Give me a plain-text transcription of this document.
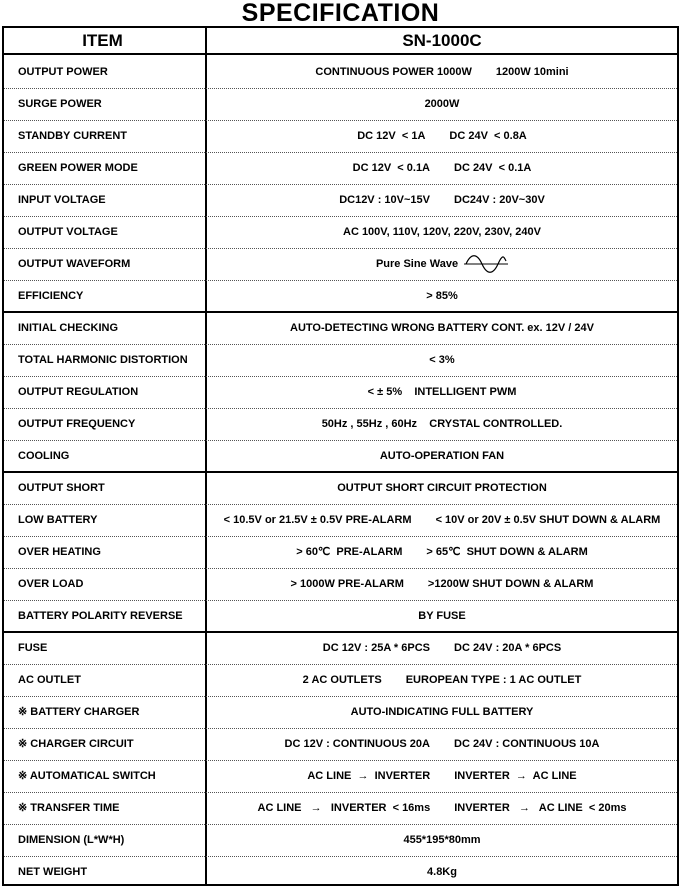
SPECIFICATION
ITEM	SN-1000C
OUTPUT POWER	CONTINUOUS POWER 1000W 1200W 10mini
SURGE POWER	2000W
STANDBY CURRENT	DC 12V  < 1A DC 24V  < 0.8A
GREEN POWER MODE	DC 12V  < 0.1A DC 24V  < 0.1A
INPUT VOLTAGE	DC12V : 10V~15V DC24V : 20V~30V
OUTPUT VOLTAGE	AC 100V, 110V, 120V, 220V, 230V, 240V
OUTPUT WAVEFORM	Pure Sine Wave
EFFICIENCY	> 85%
INITIAL CHECKING	AUTO-DETECTING WRONG BATTERY CONT. ex. 12V / 24V
TOTAL HARMONIC DISTORTION	< 3%
OUTPUT REGULATION	< ± 5%    INTELLIGENT PWM
OUTPUT FREQUENCY	50Hz , 55Hz , 60Hz    CRYSTAL CONTROLLED.
COOLING	AUTO-OPERATION FAN
OUTPUT SHORT	OUTPUT SHORT CIRCUIT PROTECTION
LOW BATTERY	< 10.5V or 21.5V ± 0.5V PRE-ALARM < 10V or 20V ± 0.5V SHUT DOWN & ALARM
OVER HEATING	> 60℃  PRE-ALARM > 65℃  SHUT DOWN & ALARM
OVER LOAD	> 1000W PRE-ALARM >1200W SHUT DOWN & ALARM
BATTERY POLARITY REVERSE	BY FUSE
FUSE	DC 12V : 25A * 6PCS DC 24V : 20A * 6PCS
AC OUTLET	2 AC OUTLETS EUROPEAN TYPE : 1 AC OUTLET
※ BATTERY CHARGER	AUTO-INDICATING FULL BATTERY
※ CHARGER CIRCUIT	DC 12V : CONTINUOUS 20A DC 24V : CONTINUOUS 10A
※ AUTOMATICAL SWITCH	AC LINE  →  INVERTER INVERTER  →  AC LINE
※ TRANSFER TIME	AC LINE   →   INVERTER  < 16ms INVERTER   →   AC LINE  < 20ms
DIMENSION (L*W*H)	455*195*80mm
NET WEIGHT	4.8Kg
